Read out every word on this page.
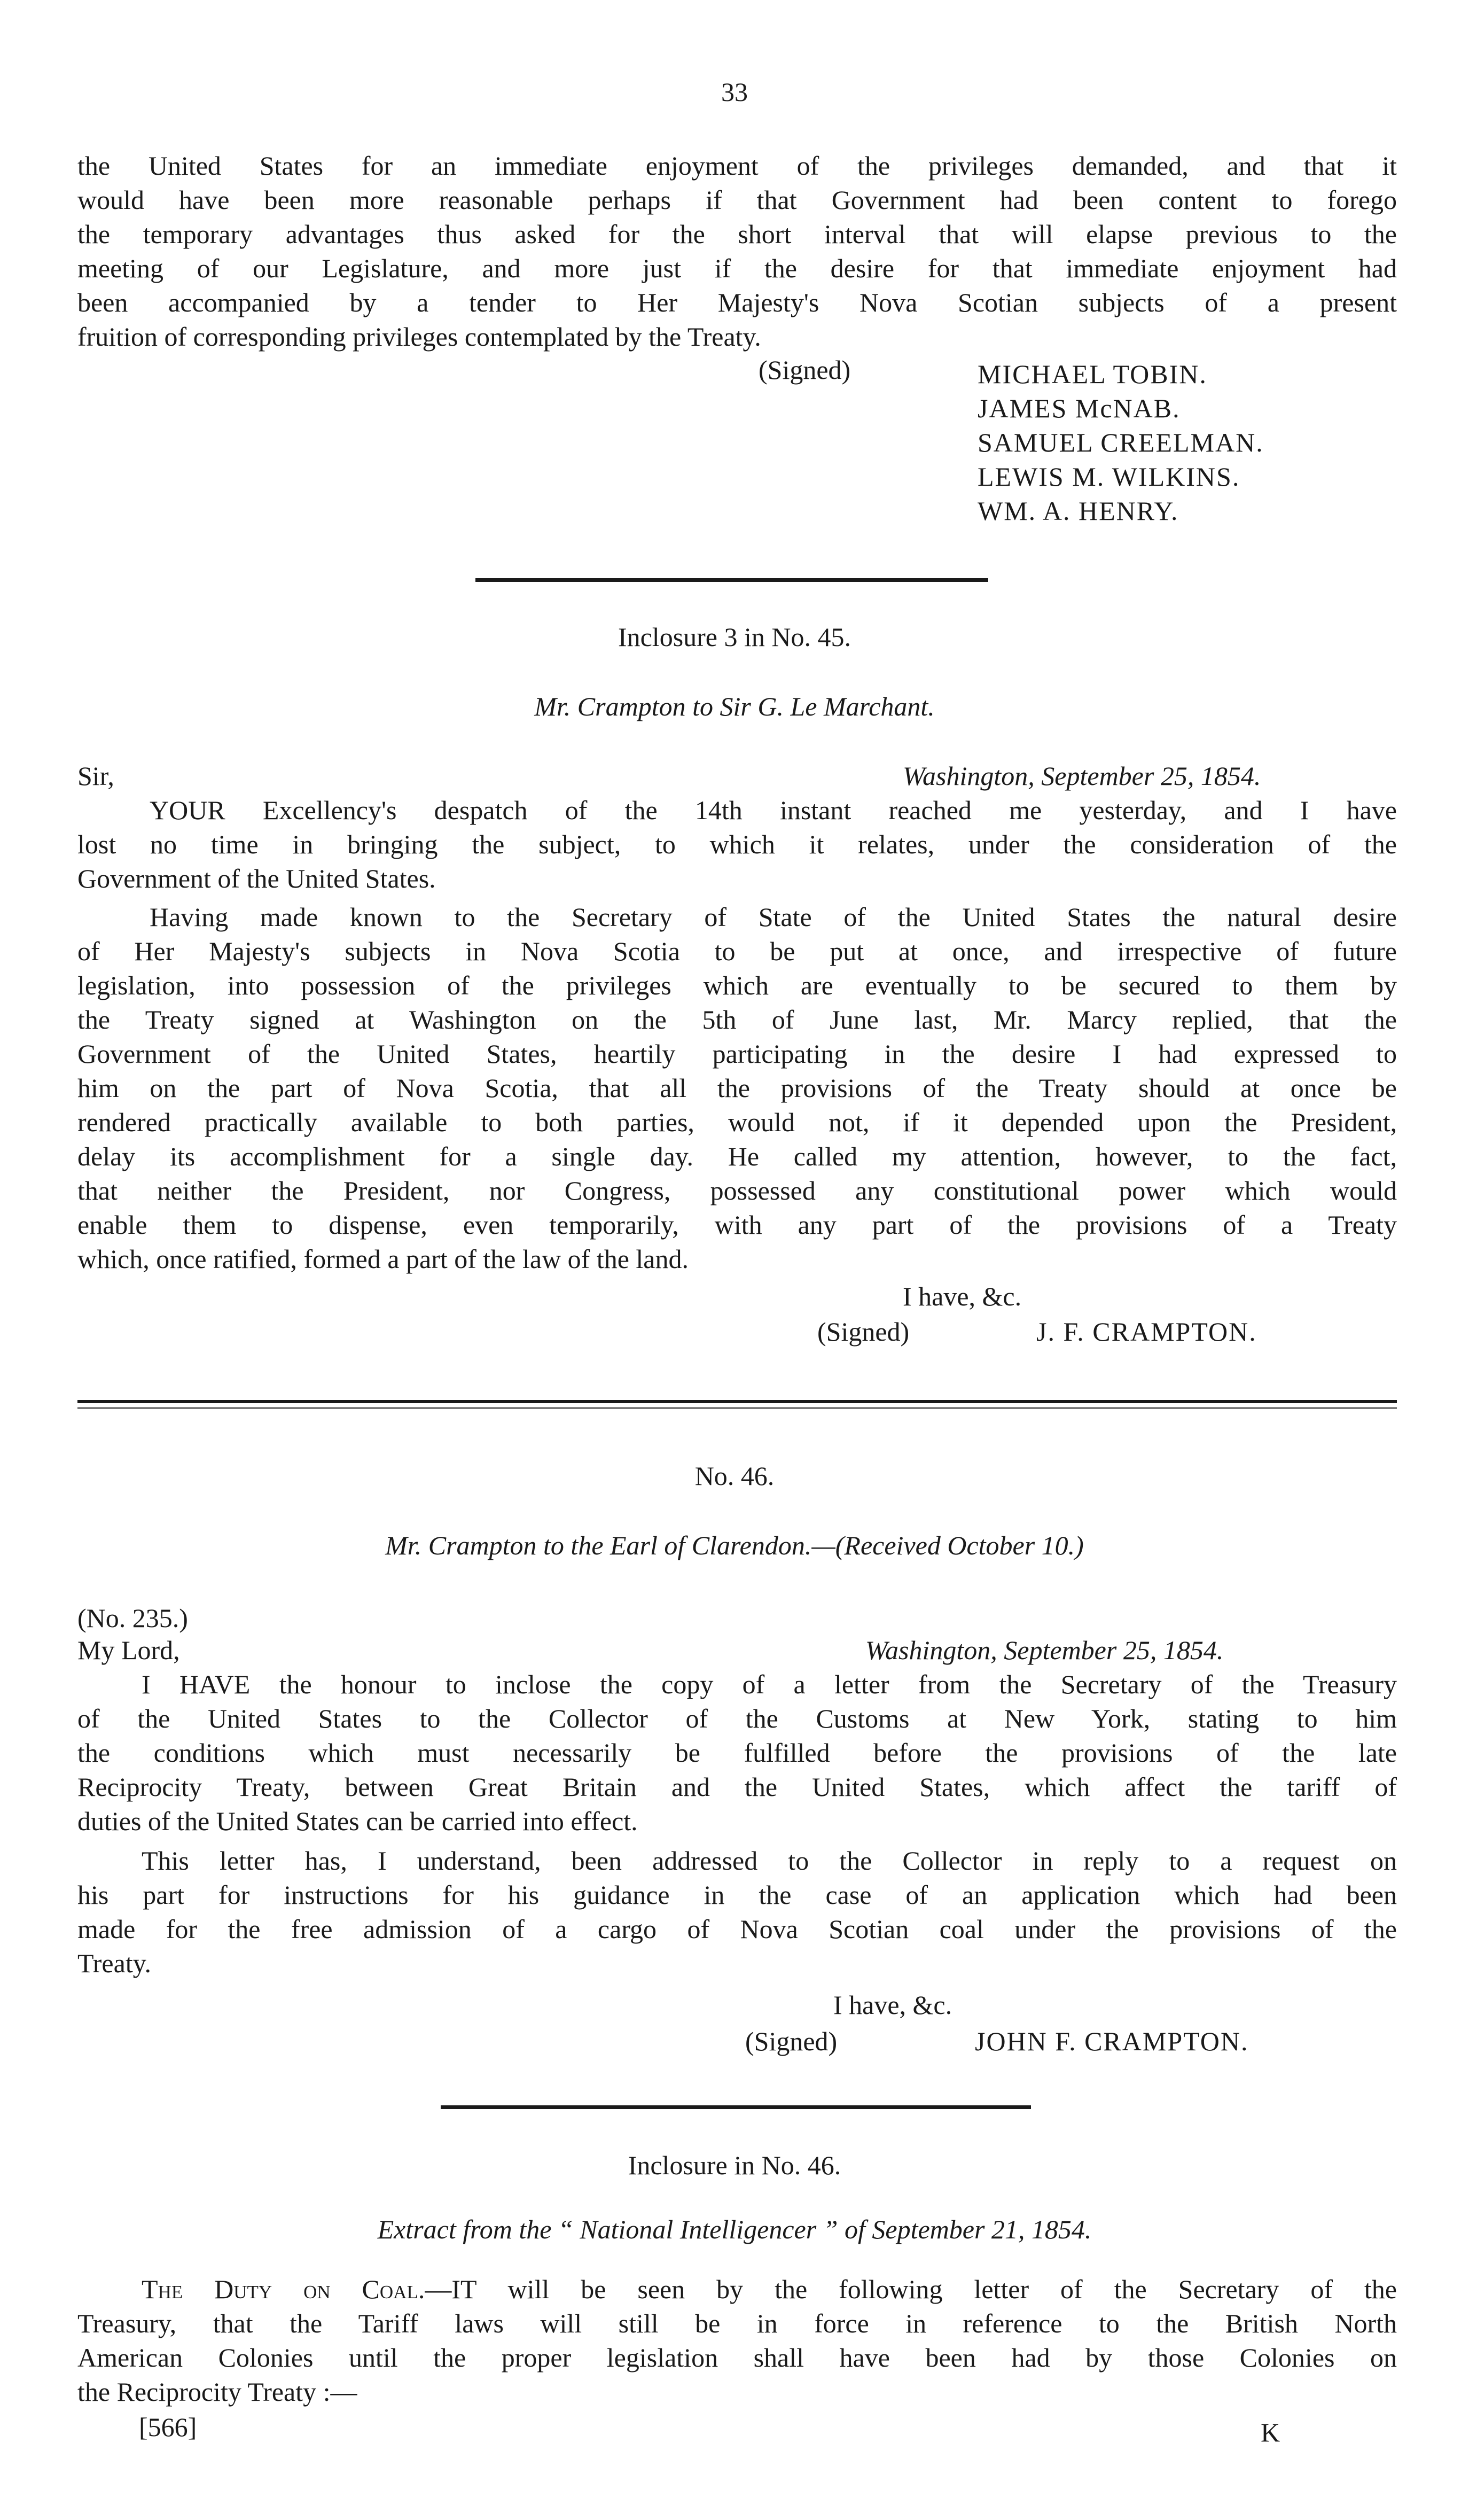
33
the United States for an immediate enjoyment of the privileges demanded, and that it
would have been more reasonable perhaps if that Government had been content to forego
the temporary advantages thus asked for the short interval that will elapse previous to the
meeting of our Legislature, and more just if the desire for that immediate enjoyment had
been accompanied by a tender to Her Majesty's Nova Scotian subjects of a present
fruition of corresponding privileges contemplated by the Treaty.
(Signed)	MICHAEL TOBIN.
JAMES McNAB.
SAMUEL CREELMAN.
LEWIS M. WILKINS.
WM. A. HENRY.
Inclosure 3 in No. 45.
Mr. Crampton to Sir G. Le Marchant.
Sir,	Washington, September 25, 1854.
YOUR Excellency's despatch of the 14th instant reached me yesterday, and I have
lost no time in bringing the subject, to which it relates, under the consideration of the
Government of the United States.
Having made known to the Secretary of State of the United States the natural desire
of Her Majesty's subjects in Nova Scotia to be put at once, and irrespective of future
legislation, into possession of the privileges which are eventually to be secured to them by
the Treaty signed at Washington on the 5th of June last, Mr. Marcy replied, that the
Government of the United States, heartily participating in the desire I had expressed to
him on the part of Nova Scotia, that all the provisions of the Treaty should at once be
rendered practically available to both parties, would not, if it depended upon the President,
delay its accomplishment for a single day. He called my attention, however, to the fact,
that neither the President, nor Congress, possessed any constitutional power which would
enable them to dispense, even temporarily, with any part of the provisions of a Treaty
which, once ratified, formed a part of the law of the land.
I have, &c.
(Signed)	J. F. CRAMPTON.
No. 46.
Mr. Crampton to the Earl of Clarendon.—(Received October 10.)
(No. 235.)
My Lord,	Washington, September 25, 1854.
I HAVE the honour to inclose the copy of a letter from the Secretary of the Treasury
of the United States to the Collector of the Customs at New York, stating to him
the conditions which must necessarily be fulfilled before the provisions of the late
Reciprocity Treaty, between Great Britain and the United States, which affect the tariff of
duties of the United States can be carried into effect.
This letter has, I understand, been addressed to the Collector in reply to a request on
his part for instructions for his guidance in the case of an application which had been
made for the free admission of a cargo of Nova Scotian coal under the provisions of the
Treaty.
I have, &c.
(Signed)	JOHN F. CRAMPTON.
Inclosure in No. 46.
Extract from the “ National Intelligencer ” of September 21, 1854.
The Duty on Coal.—IT will be seen by the following letter of the Secretary of the
Treasury, that the Tariff laws will still be in force in reference to the British North
American Colonies until the proper legislation shall have been had by those Colonies on
the Reciprocity Treaty :—
[566]	K
